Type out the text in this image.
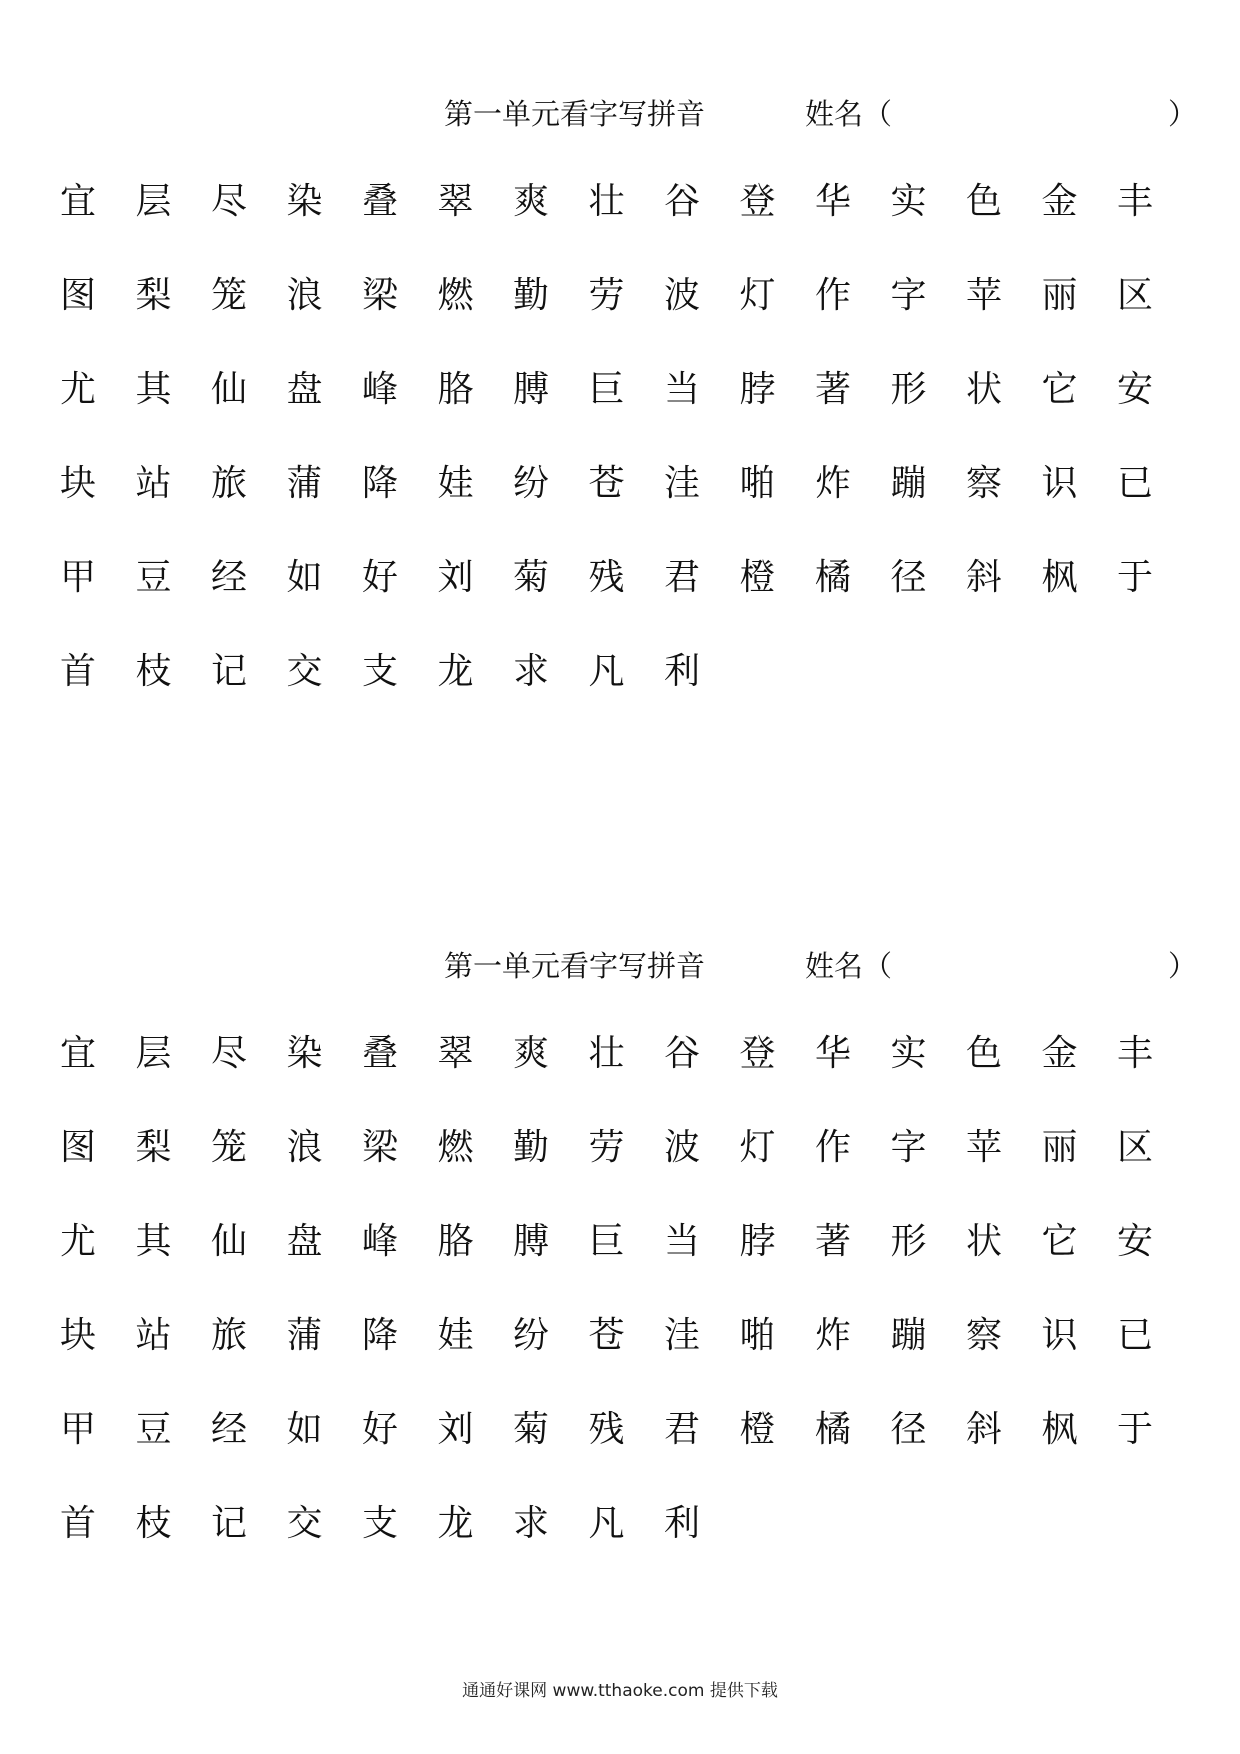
第一单元看字写拼音	姓名（	）
宜	层	尽	染	叠	翠	爽	壮	谷	登	华	实	色	金	丰
图	梨	笼	浪	梁	燃	勤	劳	波	灯	作	字	苹	丽	区
尤	其	仙	盘	峰	胳	膊	巨	当	脖	著	形	状	它	安
块	站	旅	蒲	降	娃	纷	苍	洼	啪	炸	蹦	察	识	已
甲	豆	经	如	好	刘	菊	残	君	橙	橘	径	斜	枫	于
首	枝	记	交	支	龙	求	凡	利
第一单元看字写拼音	姓名（	）
宜	层	尽	染	叠	翠	爽	壮	谷	登	华	实	色	金	丰
图	梨	笼	浪	梁	燃	勤	劳	波	灯	作	字	苹	丽	区
尤	其	仙	盘	峰	胳	膊	巨	当	脖	著	形	状	它	安
块	站	旅	蒲	降	娃	纷	苍	洼	啪	炸	蹦	察	识	已
甲	豆	经	如	好	刘	菊	残	君	橙	橘	径	斜	枫	于
首	枝	记	交	支	龙	求	凡	利
通通好课网 www.tthaoke.com 提供下载
